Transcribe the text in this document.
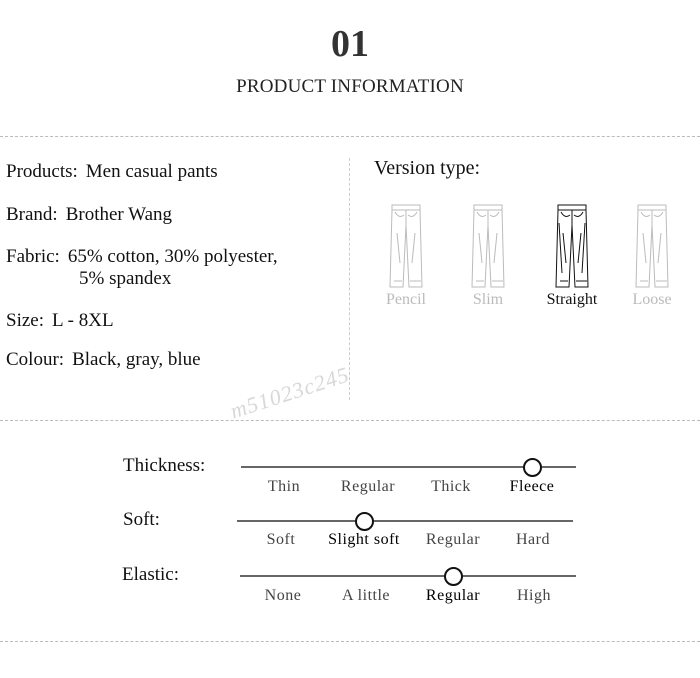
01
PRODUCT INFORMATION
Products: Men casual pants
Brand: Brother Wang
Fabric: 65% cotton, 30% polyester,
5% spandex
Size: L - 8XL
Colour: Black, gray, blue
Version type:
Pencil	Slim	Straight	Loose
m51023c245
Thickness:
Thin	Regular	Thick	Fleece
Soft:
Soft	Slight soft	Regular	Hard
Elastic:
None	A little	Regular	High
